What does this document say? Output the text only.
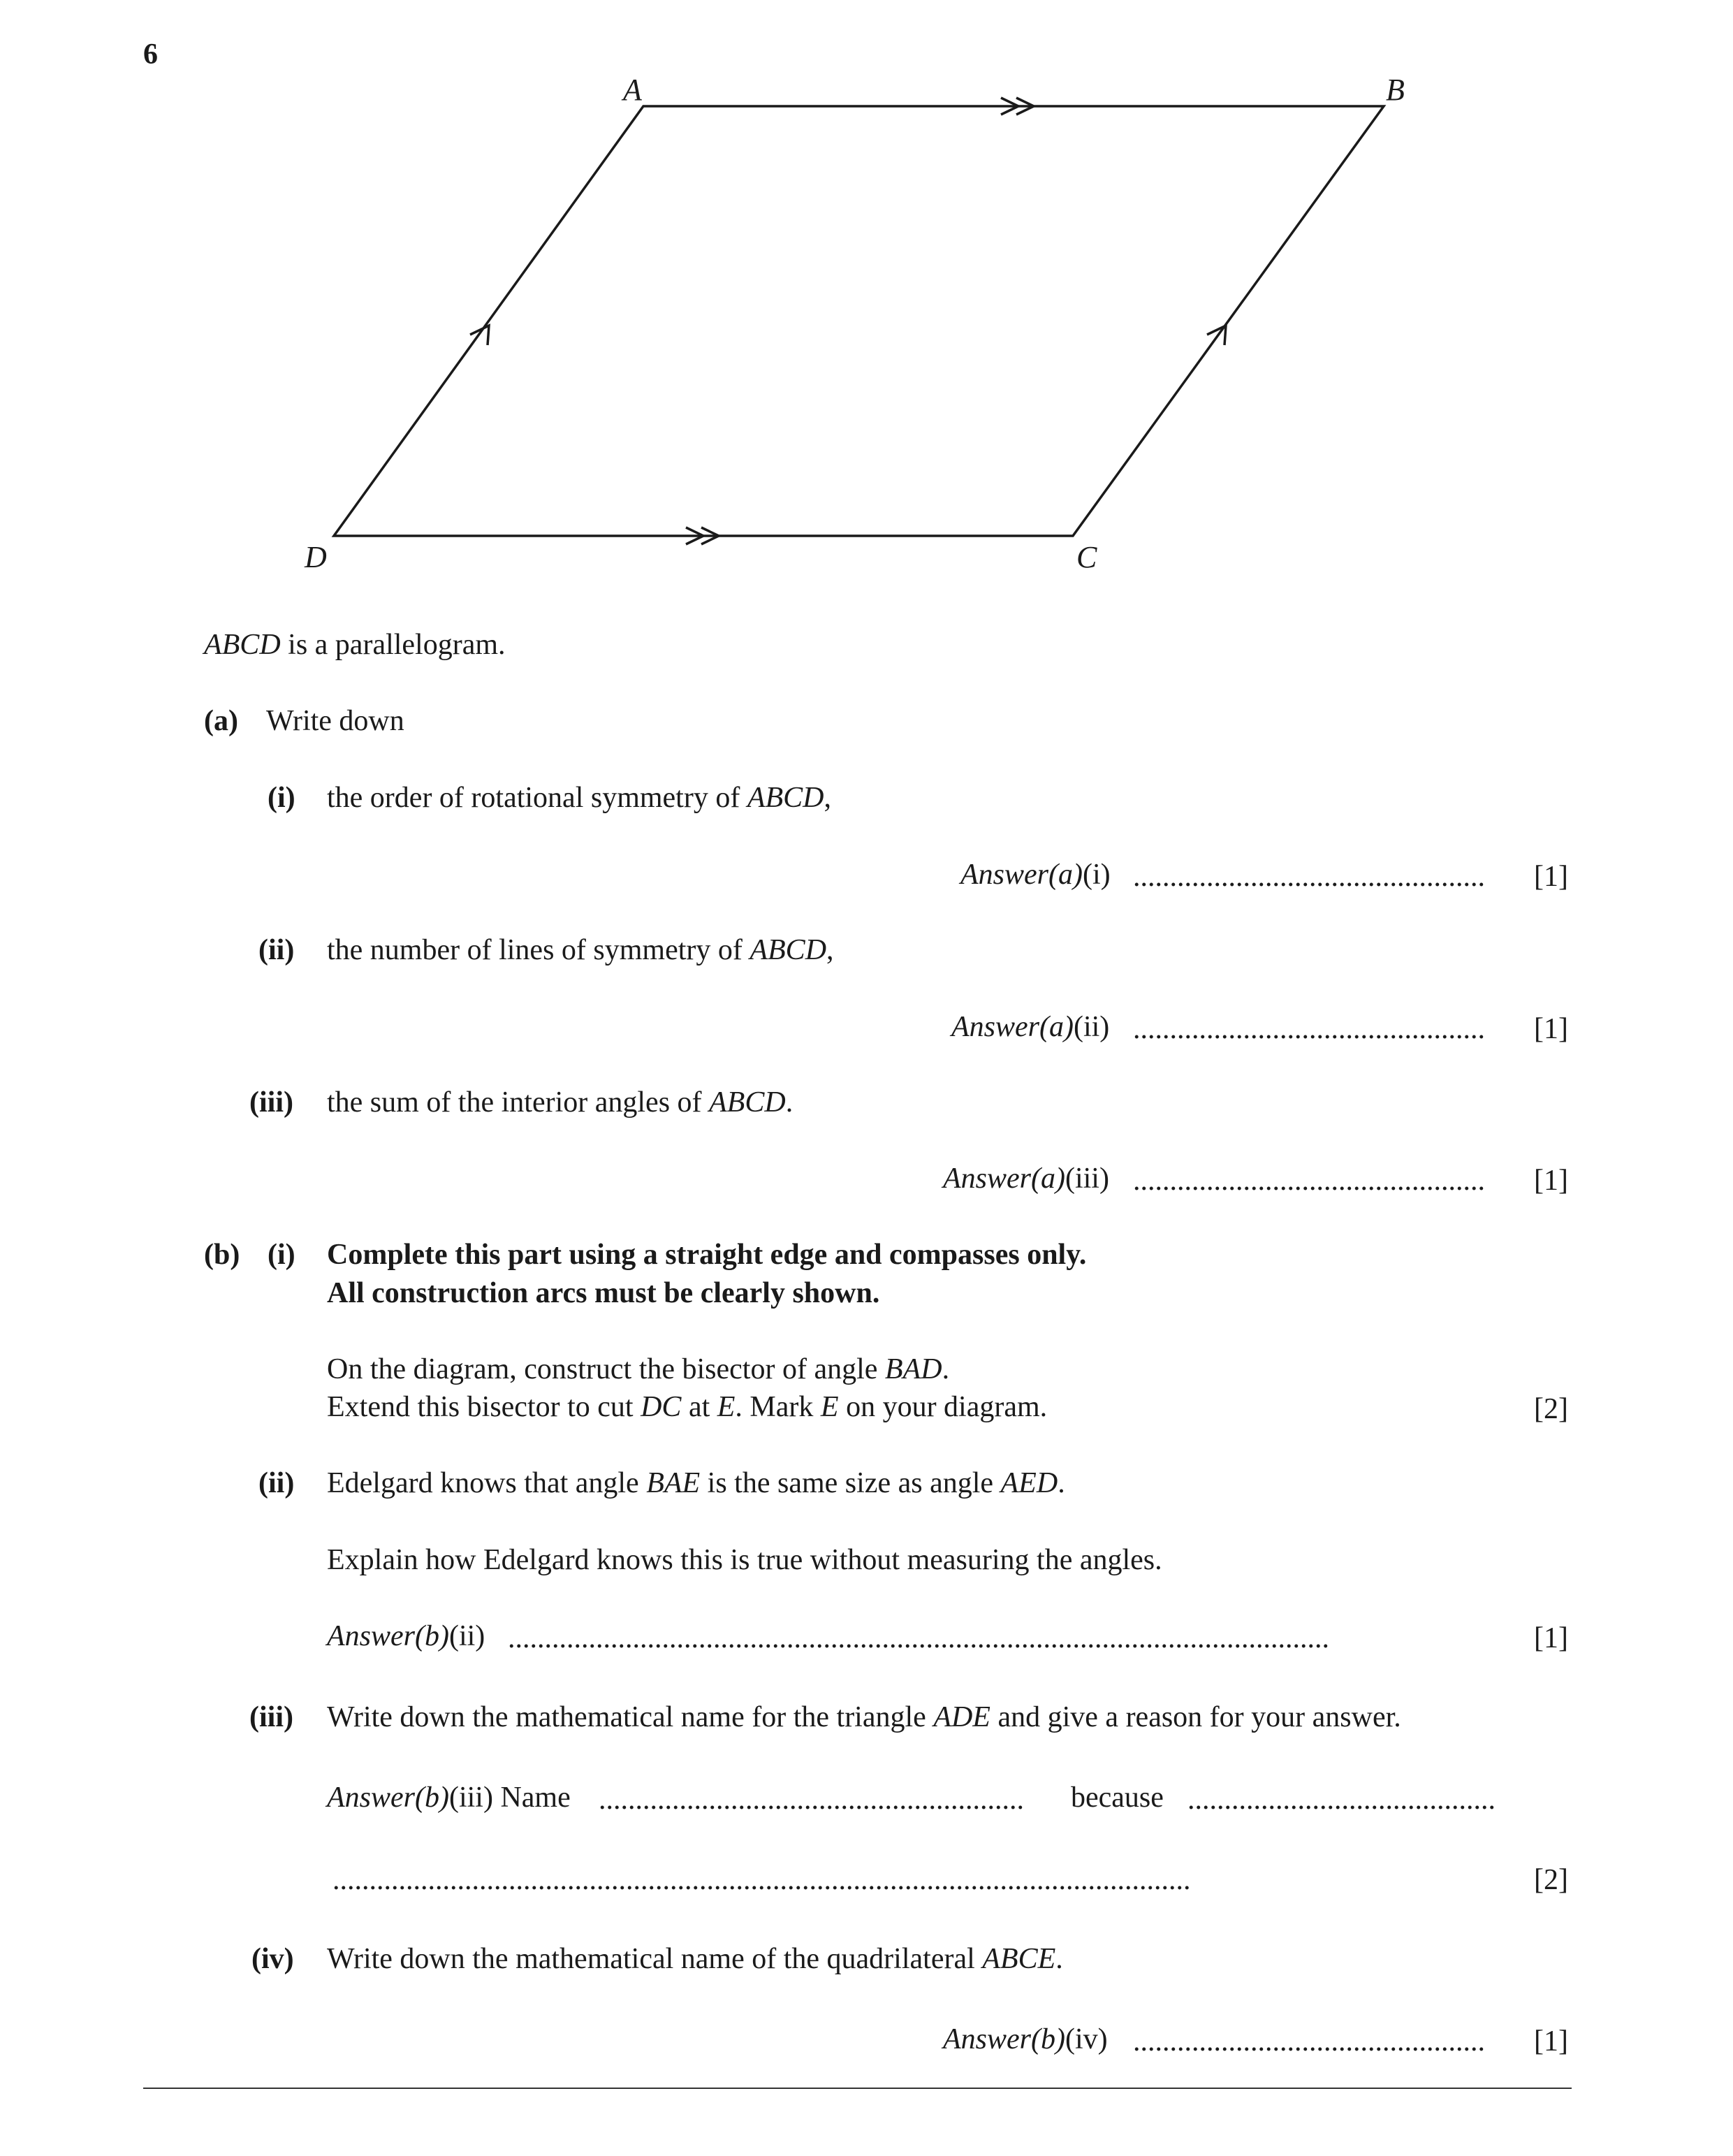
6
A	B
C
D
ABCD is a parallelogram.
(a) Write down
(i) the order of rotational symmetry of ABCD,
Answer(a)(i) ................................................ [1]
(ii) the number of lines of symmetry of ABCD,
Answer(a)(ii) ................................................ [1]
(iii) the sum of the interior angles of ABCD.
Answer(a)(iii) ................................................ [1]
(b) (i) Complete this part using a straight edge and compasses only.
All construction arcs must be clearly shown.
On the diagram, construct the bisector of angle BAD.
Extend this bisector to cut DC at E. Mark E on your diagram.	[2]
(ii) Edelgard knows that angle BAE is the same size as angle AED.
Explain how Edelgard knows this is true without measuring the angles.
Answer(b)(ii) ................................................................................................................	[1]
(iii) Write down the mathematical name for the triangle ADE and give a reason for your answer.
Answer(b)(iii) Name .......................................................... because ..........................................
.....................................................................................................................	[2]
(iv) Write down the mathematical name of the quadrilateral ABCE.
Answer(b)(iv) ................................................ [1]
